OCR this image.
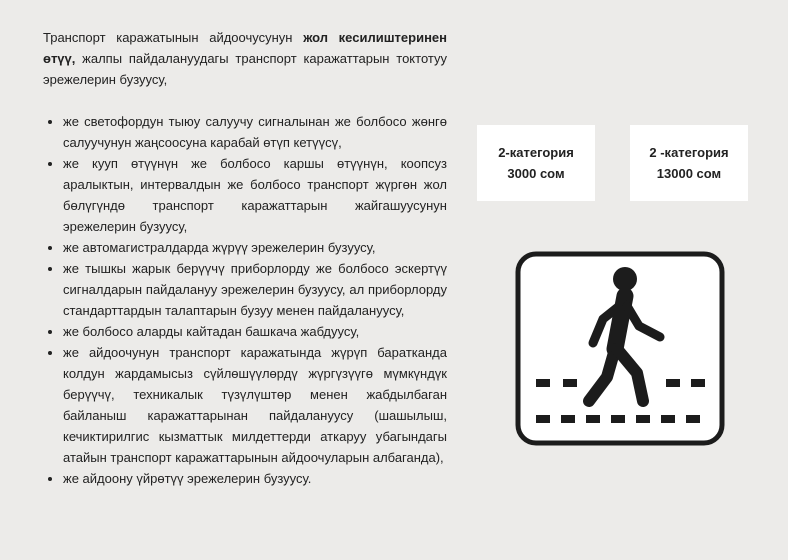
Транспорт каражатынын айдоочусунун жол кесилиштеринен өтүү, жалпы пайдалануудагы транспорт каражаттарын токтотуу эрежелерин бузуусу,

• же светофордун тыюу салуучу сигналынан же болбосо жөнгө салуучунун жаңсоосуна карабай өтүп кетүүсү,
• же кууп өтүүнүн же болбосо каршы өтүүнүн, коопсуз аралыктын, интервалдын же болбосо транспорт жүргөн жол бөлүгүндө транспорт каражаттарын жайгашуусунун эрежелерин бузуусу,
• же автомагистралдарда жүрүү эрежелерин бузуусу,
• же тышкы жарык берүүчү приборлорду же болбосо эскертүү сигналдарын пайдалануу эрежелерин бузуусу, ал приборлорду стандарттардын талаптарын бузуу менен пайдалануусу,
• же болбосо аларды кайтадан башкача жабдуусу,
• же айдоочунун транспорт каражатында жүрүп баратканда колдун жардамысыз сүйлөшүүлөрдү жүргүзүүгө мүмкүндүк берүүчү, техникалык түзүлүштөр менен жабдылбаган байланыш каражаттарынан пайдалануусу (шашылыш, кечиктирилгис кызматтык милдеттерди аткаруу убагындагы атайын транспорт каражаттарынын айдоочуларын албаганда),
• же айдоону үйрөтүү эрежелерин бузуусу.
2-категория
3000 сом
2 -категория
13000 сом
